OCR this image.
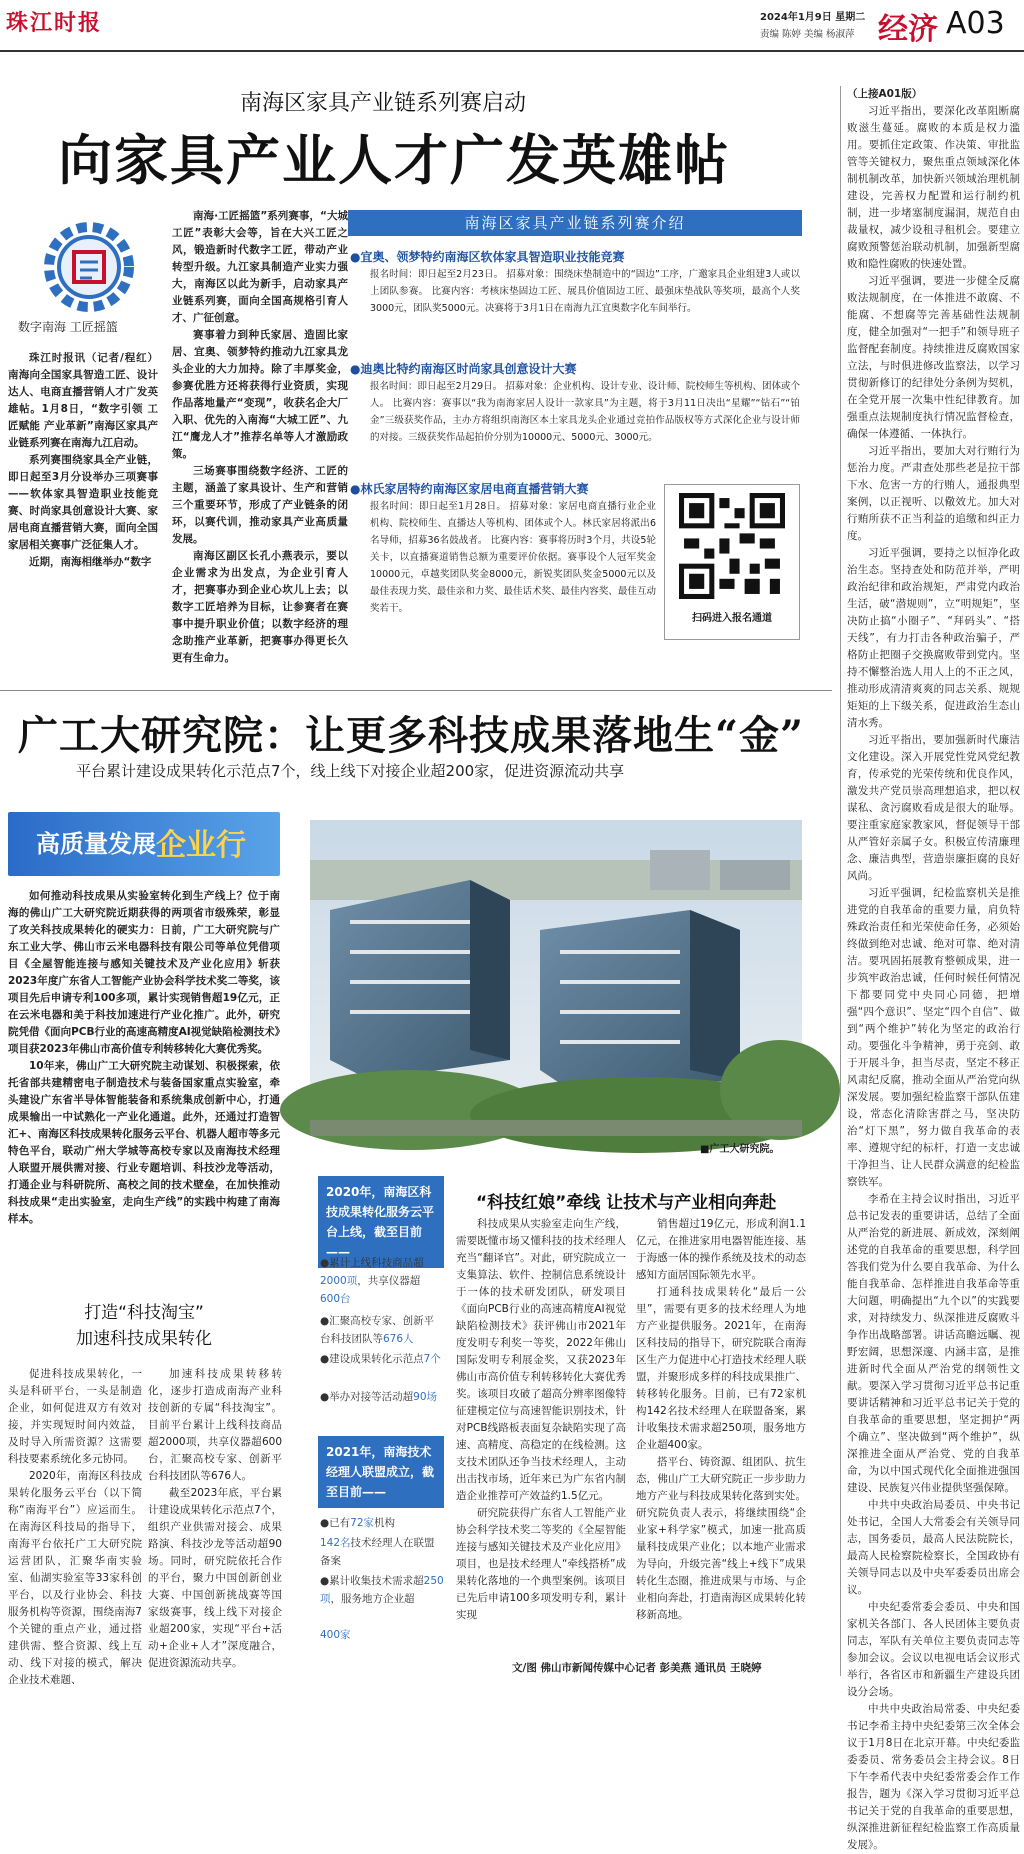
珠江时报	2024年1月9日 星期二
责编 陈婷 美编 杨淑萍 经济 A03
南海区家具产业链系列赛启动
向家具产业人才广发英雄帖
数字南海 工匠摇篮

珠江时报讯（记者/程红）南海向全国家具智造工匠、设计达人、电商直播营销人才广发英雄帖。1月8日，“数字引领 工匠赋能 产业革新”南海区家具产业链系列赛在南海九江启动。

系列赛围绕家具全产业链，即日起至3月分设举办三项赛事——软体家具智造职业技能竞赛、时尚家具创意设计大赛、家居电商直播营销大赛，面向全国家居相关赛事广泛征集人才。

近期，南海相继举办“数字

南海·工匠摇篮”系列赛事，“大城工匠”表彰大会等，旨在大兴工匠之风，锻造新时代数字工匠，带动产业转型升级。九江家具制造产业实力强大，南海区以此为新手，启动家具产业链系列赛，面向全国高规格引育人才、广征创意。

赛事着力到种氏家居、造固比家居、宜奥、领梦特约推动九江家具龙头企业的大力加持。除了丰厚奖金，参赛优胜方还将获得行业资质，实现作品落地量产“变现”，收获名企大厂入职、优先的入南海“大城工匠”、九江“鹰龙人才”推荐名单等人才激励政策。

三场赛事围绕数字经济、工匠的主题，涵盖了家具设计、生产和营销三个重要环节，形成了产业链条的闭环，以赛代训，推动家具产业高质量发展。

南海区副区长孔小燕表示，要以企业需求为出发点，为企业引育人才，把赛事办到企业心坎儿上去；以数字工匠培养为目标，让参赛者在赛事中提升职业价值；以数字经济的理念助推产业革新，把赛事办得更长久更有生命力。

南海区家具产业链系列赛介绍
●宜奥、领梦特约南海区软体家具智造职业技能竞赛
报名时间：即日起至2月23日。 招募对象：围绕床垫制造中的“固边”工序，广邀家具企业组建3人或以上团队参赛。 比赛内容：考核床垫固边工匠、展具价值固边工匠、最强床垫战队等奖项，最高个人奖3000元，团队奖5000元。决赛将于3月1日在南海九江宜奥数字化车间举行。
●迪奥比特约南海区时尚家具创意设计大赛
报名时间：即日起至2月29日。 招募对象：企业机构、设计专业、设计师、院校师生等机构、团体或个人。 比赛内容：赛事以“我为南海家居人设计一款家具”为主题，将于3月11日决出“星耀”“钻石”“铂金”三级获奖作品，主办方将组织南海区本土家具龙头企业通过竞拍作品版权等方式深化企业与设计师的对接。三级获奖作品起拍价分别为10000元、5000元、3000元。
●林氏家居特约南海区家居电商直播营销大赛
报名时间：即日起至1月28日。 招募对象：家居电商直播行业企业机构、院校师生、直播达人等机构、团体或个人。林氏家居将派出6名导师，招募36名鼓战者。 比赛内容：赛事将历时3个月，共设5轮关卡，以直播赛道销售总额为重要评价依据。赛事设个人冠军奖金10000元，卓越奖团队奖金8000元，新锐奖团队奖金5000元以及最佳表现力奖、最佳亲和力奖、最佳话术奖、最佳内容奖、最佳互动奖若干。
扫码进入报名通道
（上接A01版）

习近平指出，要深化改革阻断腐败滋生蔓延。腐败的本质是权力滥用。要抓住定政策、作决策、审批监管等关键权力，聚焦重点领域深化体制机制改革，加快新兴领域治理机制建设，完善权力配置和运行制约机制，进一步堵塞制度漏洞，规范自由裁量权，减少设租寻租机会。要建立腐败预警惩治联动机制，加强新型腐败和隐性腐败的快速处置。

习近平强调，要进一步健全反腐败法规制度，在一体推进不敢腐、不能腐、不想腐等完善基础性法规制度，健全加强对“一把手”和领导班子监督配套制度。持续推进反腐败国家立法，与时俱进修改监察法，以学习贯彻新修订的纪律处分条例为契机，在全党开展一次集中性纪律教育。加强重点法规制度执行情况监督检查，确保一体遵循、一体执行。

习近平指出，要加大对行贿行为惩治力度。严肃查处那些老是拉干部下水、危害一方的行贿人，通报典型案例，以正视听、以儆效尤。加大对行贿所获不正当利益的追缴和纠正力度。

习近平强调，要持之以恒净化政治生态。坚持查处和防范并举，严明政治纪律和政治规矩，严肃党内政治生活，破“潜规则”，立“明规矩”，坚决防止搞“小圈子”、“拜码头”、“搭天线”，有力打击各种政治骗子，严格防止把圈子交换腐败带到党内。坚持不懈整治选人用人上的不正之风，推动形成清清爽爽的同志关系、规规矩矩的上下级关系，促进政治生态山清水秀。

习近平指出，要加强新时代廉洁文化建设。深入开展党性党风党纪教育，传承党的光荣传统和优良作风，激发共产党员崇高理想追求，把以权谋私、贪污腐败看成是很大的耻辱。要注重家庭家教家风，督促领导干部从严管好亲属子女。积极宣传清廉理念、廉洁典型，营造崇廉拒腐的良好风尚。

习近平强调，纪检监察机关是推进党的自我革命的重要力量，肩负特殊政治责任和光荣使命任务，必须始终做到绝对忠诚、绝对可靠、绝对清洁。要巩固拓展教育整顿成果，进一步筑牢政治忠诚，任何时候任何情况下都要同党中央同心同德，把增强“四个意识”、坚定“四个自信”、做到“两个维护”转化为坚定的政治行动。要强化斗争精神，勇于亮剑、敢于开展斗争，担当尽责，坚定不移正风肃纪反腐，推动全面从严治党向纵深发展。要加强纪检监察干部队伍建设，常态化清除害群之马，坚决防治“灯下黑”，努力做自我革命的表率、遵规守纪的标杆，打造一支忠诚干净担当、让人民群众满意的纪检监察铁军。

李希在主持会议时指出，习近平总书记发表的重要讲话，总结了全面从严治党的新进展、新成效，深刻阐述党的自我革命的重要思想，科学回答我们党为什么要自我革命、为什么能自我革命、怎样推进自我革命等重大问题，明确提出“九个以”的实践要求，对持续发力、纵深推进反腐败斗争作出战略部署。讲话高瞻远瞩、视野宏阔，思想深邃、内涵丰富，是推进新时代全面从严治党的纲领性文献。要深入学习贯彻习近平总书记重要讲话精神和习近平总书记关于党的自我革命的重要思想，坚定拥护“两个确立”、坚决做到“两个维护”，纵深推进全面从严治党、党的自我革命，为以中国式现代化全面推进强国建设、民族复兴伟业提供坚强保障。

中共中央政治局委员、中央书记处书记，全国人大常委会有关领导同志，国务委员，最高人民法院院长，最高人民检察院检察长，全国政协有关领导同志以及中央军委委员出席会议。

中央纪委常委会委员、中央和国家机关各部门、各人民团体主要负责同志，军队有关单位主要负责同志等参加会议。会议以电视电话会议形式举行，各省区市和新疆生产建设兵团设分会场。

中共中央政治局常委、中央纪委书记李希主持中央纪委第三次全体会议于1月8日在北京开幕。中央纪委监委委员、常务委员会主持会议。8日下午李希代表中央纪委常委会作工作报告，题为《深入学习贯彻习近平总书记关于党的自我革命的重要思想，纵深推进新征程纪检监察工作高质量发展》。

广工大研究院：让更多科技成果落地生“金”
平台累计建设成果转化示范点7个，线上线下对接企业超200家，促进资源流动共享
高质量发展 企业行

如何推动科技成果从实验室转化到生产线上？位于南海的佛山广工大研究院近期获得的两项省市级殊荣，彰显了攻关科技成果转化的硬实力：日前，广工大研究院与广东工业大学、佛山市云米电器科技有限公司等单位凭借项目《全屋智能连接与感知关键技术及产业化应用》斩获2023年度广东省人工智能产业协会科学技术奖二等奖，该项目先后申请专利100多项，累计实现销售超19亿元，正在云米电器和美于科技加速进行产业化推广。此外，研究院凭借《面向PCB行业的高速高精度AI视觉缺陷检测技术》项目获2023年佛山市高价值专利转移转化大赛优秀奖。

10年来，佛山广工大研究院主动谋划、积极探索，依托省部共建精密电子制造技术与装备国家重点实验室，牵头建设广东省半导体智能装备和系统集成创新中心，打通成果输出一中试熟化一产业化通道。此外，还通过打造智汇+、南海区科技成果转化服务云平台、机器人超市等多元特色平台，联动广州大学城等高校专家以及南海技术经理人联盟开展供需对接、行业专题培训、科技沙龙等活动，打通企业与科研院所、高校之间的技术壁垒，在加快推动科技成果“走出实验室，走向生产线”的实践中构建了南海样本。

■广工大研究院。
打造“科技淘宝”
加速科技成果转化

促进科技成果转化，一头是科研平台，一头是制造企业，如何促进双方有效对接，并实现短时间内效益，及时导入所需资源？这需要科技要素系统化多元协同。

2020年，南海区科技成果转化服务云平台（以下简称“南海平台”）应运而生。在南海区科技局的指导下，南海平台依托广工大研究院运营团队，汇聚华南实验室、仙湖实验室等33家科创平台，以及行业协会、科技服务机构等资源，围绕南海7个关键的重点产业，通过搭建供需、整合资源、线上互动、线下对接的模式，解决企业技术难题、

加速科技成果转移转化，逐步打造成南海产业科技创新的专属“科技淘宝”。目前平台累计上线科技商品超2000项，共享仪器超600台，汇聚高校专家、创新平台科技团队等676人。

截至2023年底，平台累计建设成果转化示范点7个，组织产业供需对接会、成果路演、科技沙龙等活动超90场。同时，研究院依托合作的平台，聚力中国创新创业大赛、中国创新挑战赛等国家级赛事，线上线下对接企业超200家，实现“平台+活动+企业+人才”深度融合，促进资源流动共享。

2020年，南海区科技成果转化服务云平台上线，截至目前——
●累计上线科技商品超2000项，共享仪器超
600台
●汇聚高校专家、创新平台科技团队等676人
●建设成果转化示范点7个
●举办对接等活动超90场
2021年，南海技术经理人联盟成立，截至目前——
●已有72家机构
142名技术经理人在联盟备案
●累计收集技术需求超250项，服务地方企业超
400家
“科技红娘”牵线 让技术与产业相向奔赴

科技成果从实验室走向生产线，需要既懂市场又懂科技的技术经理人充当“翻译官”。对此，研究院成立一支集算法、软件、控制信息系统设计于一体的技术研发团队，研发项目《面向PCB行业的高速高精度AI视觉缺陷检测技术》获评佛山市2021年度发明专利奖一等奖，2022年佛山国际发明专利展金奖，又获2023年佛山市高价值专利转移转化大赛优秀奖。该项目攻破了超高分辨率图像特征建模定位与高速智能识别技术，针对PCB线路板表面复杂缺陷实现了高速、高精度、高稳定的在线检测。这支技术团队还争当技术经理人，主动出击找市场，近年来已为广东省内制造企业推荐可产效益约1.5亿元。

研究院获得广东省人工智能产业协会科学技术奖二等奖的《全屋智能连接与感知关键技术及产业化应用》项目，也是技术经理人“牵线搭桥”成果转化落地的一个典型案例。该项目已先后申请100多项发明专利，累计实现

销售超过19亿元，形成利润1.1亿元，在推进家用电器智能连接、基于海感一体的操作系统及技术的动态感知方面居国际领先水平。

打通科技成果转化“最后一公里”，需要有更多的技术经理人为地方产业提供服务。2021年，在南海区科技局的指导下，研究院联合南海区生产力促进中心打造技术经理人联盟，并聚形成多样的科技成果推广、转移转化服务。目前，已有72家机构142名技术经理人在联盟备案，累计收集技术需求超250项，服务地方企业超400家。

搭平台、铸资源、组团队、抗生态，佛山广工大研究院正一步步助力地方产业与科技成果转化落到实处。研究院负责人表示，将继续围绕“企业家+科学家”模式，加速一批高质量科技成果产业化；以本地产业需求为导向，升级完善“线上+线下”成果转化生态圈，推进成果与市场、与企业相向奔赴，打造南海区成果转化转移新高地。

文/图 佛山市新闻传媒中心记者 彭美燕 通讯员 王晓婷
